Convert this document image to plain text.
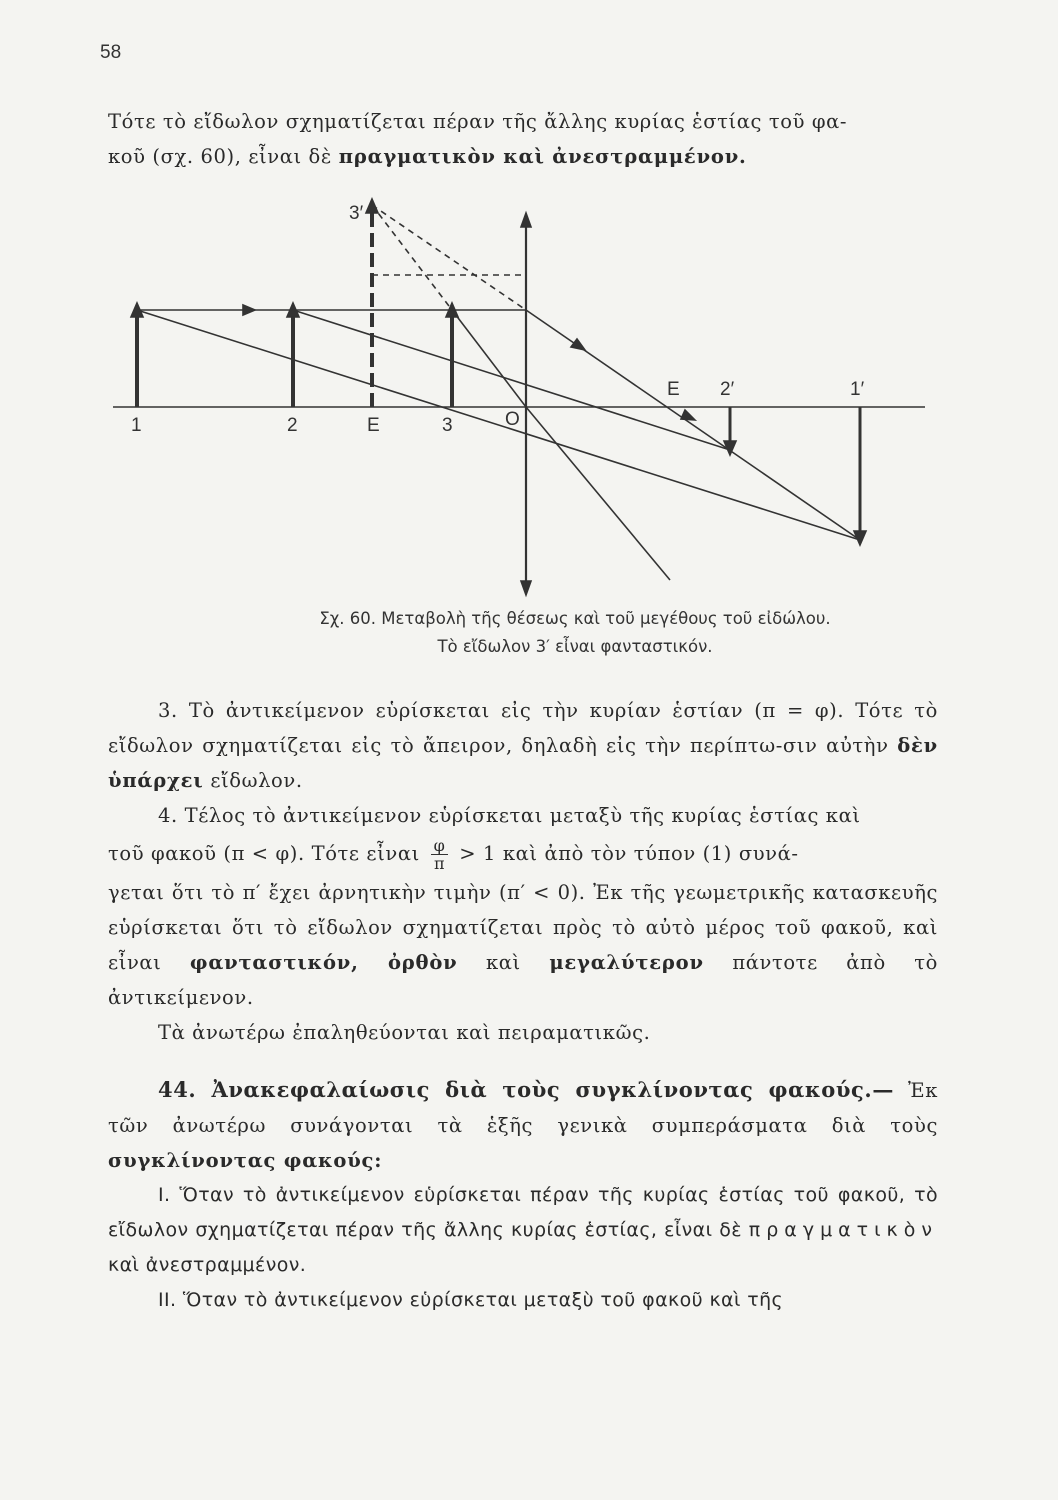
58

Τότε τὸ εἴδωλον σχηματίζεται πέραν τῆς ἄλλης κυρίας ἑστίας τοῦ φα-

κοῦ (σχ. 60), εἶναι δὲ πραγματικὸν καὶ ἀνεστραμμένον.

1	2	Ε	3	O
Ε 2′	1′
3′
Σχ. 60. Μεταβολὴ τῆς θέσεως καὶ τοῦ μεγέθους τοῦ εἰδώλου.
Τὸ εἴδωλον 3′ εἶναι φανταστικόν.

3. Τὸ ἀντικείμενον εὑρίσκεται εἰς τὴν κυρίαν ἑστίαν (π = φ). Τότε τὸ εἴδωλον σχηματίζεται εἰς τὸ ἄπειρον, δηλαδὴ εἰς τὴν περίπτω-σιν αὐτὴν δὲν ὑπάρχει εἴδωλον.

4. Τέλος τὸ ἀντικείμενον εὑρίσκεται μεταξὺ τῆς κυρίας ἑστίας καὶ

τοῦ φακοῦ (π < φ). Τότε εἶναι $\frac{\varphi}{\pi} > 1$ καὶ ἀπὸ τὸν τύπον (1) συνά-

γεται ὅτι τὸ π′ ἔχει ἀρνητικὴν τιμὴν (π′ < 0). Ἐκ τῆς γεωμετρικῆς κατασκευῆς εὑρίσκεται ὅτι τὸ εἴδωλον σχηματίζεται πρὸς τὸ αὐτὸ μέρος τοῦ φακοῦ, καὶ εἶναι φανταστικόν, ὀρθὸν καὶ μεγαλύτερον πάντοτε ἀπὸ τὸ ἀντικείμενον.

Τὰ ἀνωτέρω ἐπαληθεύονται καὶ πειραματικῶς.

44. Ἀνακεφαλαίωσις διὰ τοὺς συγκλίνοντας φακούς.— Ἐκ τῶν ἀνωτέρω συνάγονται τὰ ἑξῆς γενικὰ συμπεράσματα διὰ τοὺς συγκλίνοντας φακούς:

I. Ὅταν τὸ ἀντικείμενον εὑρίσκεται πέραν τῆς κυρίας ἑστίας τοῦ φακοῦ, τὸ εἴδωλον σχηματίζεται πέραν τῆς ἄλλης κυρίας ἑστίας, εἶναι δὲ πραγματικὸν καὶ ἀνεστραμμένον.

II. Ὅταν τὸ ἀντικείμενον εὑρίσκεται μεταξὺ τοῦ φακοῦ καὶ τῆς
